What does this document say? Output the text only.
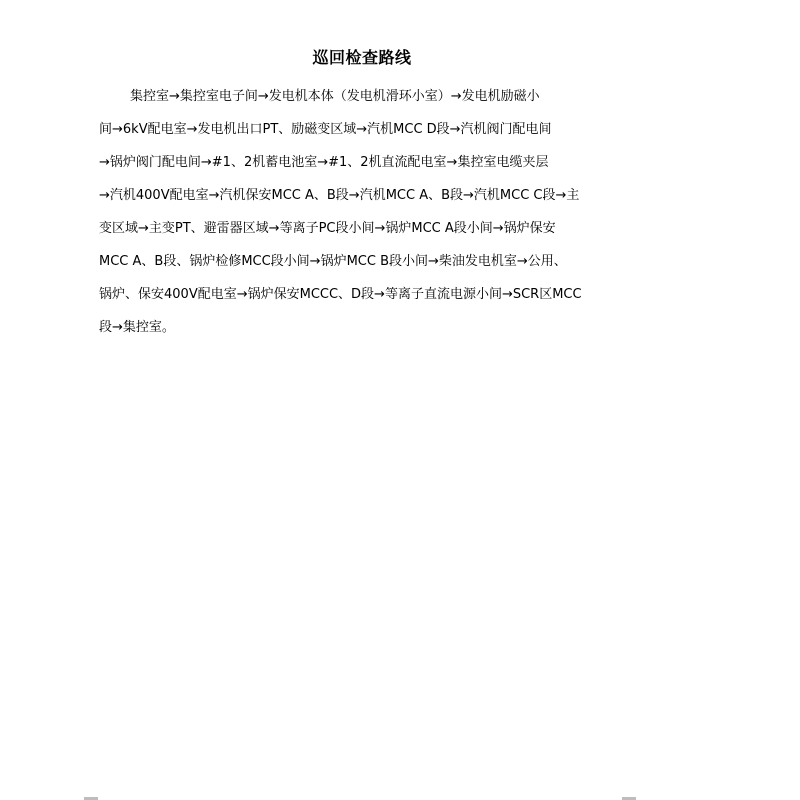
巡回检查路线
集控室→集控室电子间→发电机本体（发电机滑环小室）→发电机励磁小
间→6kV配电室→发电机出口PT、励磁变区域→汽机MCC D段→汽机阀门配电间
→锅炉阀门配电间→#1、2机蓄电池室→#1、2机直流配电室→集控室电缆夹层
→汽机400V配电室→汽机保安MCC A、B段→汽机MCC A、B段→汽机MCC C段→主
变区域→主变PT、避雷器区域→等离子PC段小间→锅炉MCC A段小间→锅炉保安
MCC A、B段、锅炉检修MCC段小间→锅炉MCC B段小间→柴油发电机室→公用、
锅炉、保安400V配电室→锅炉保安MCCC、D段→等离子直流电源小间→SCR区MCC
段→集控室。
